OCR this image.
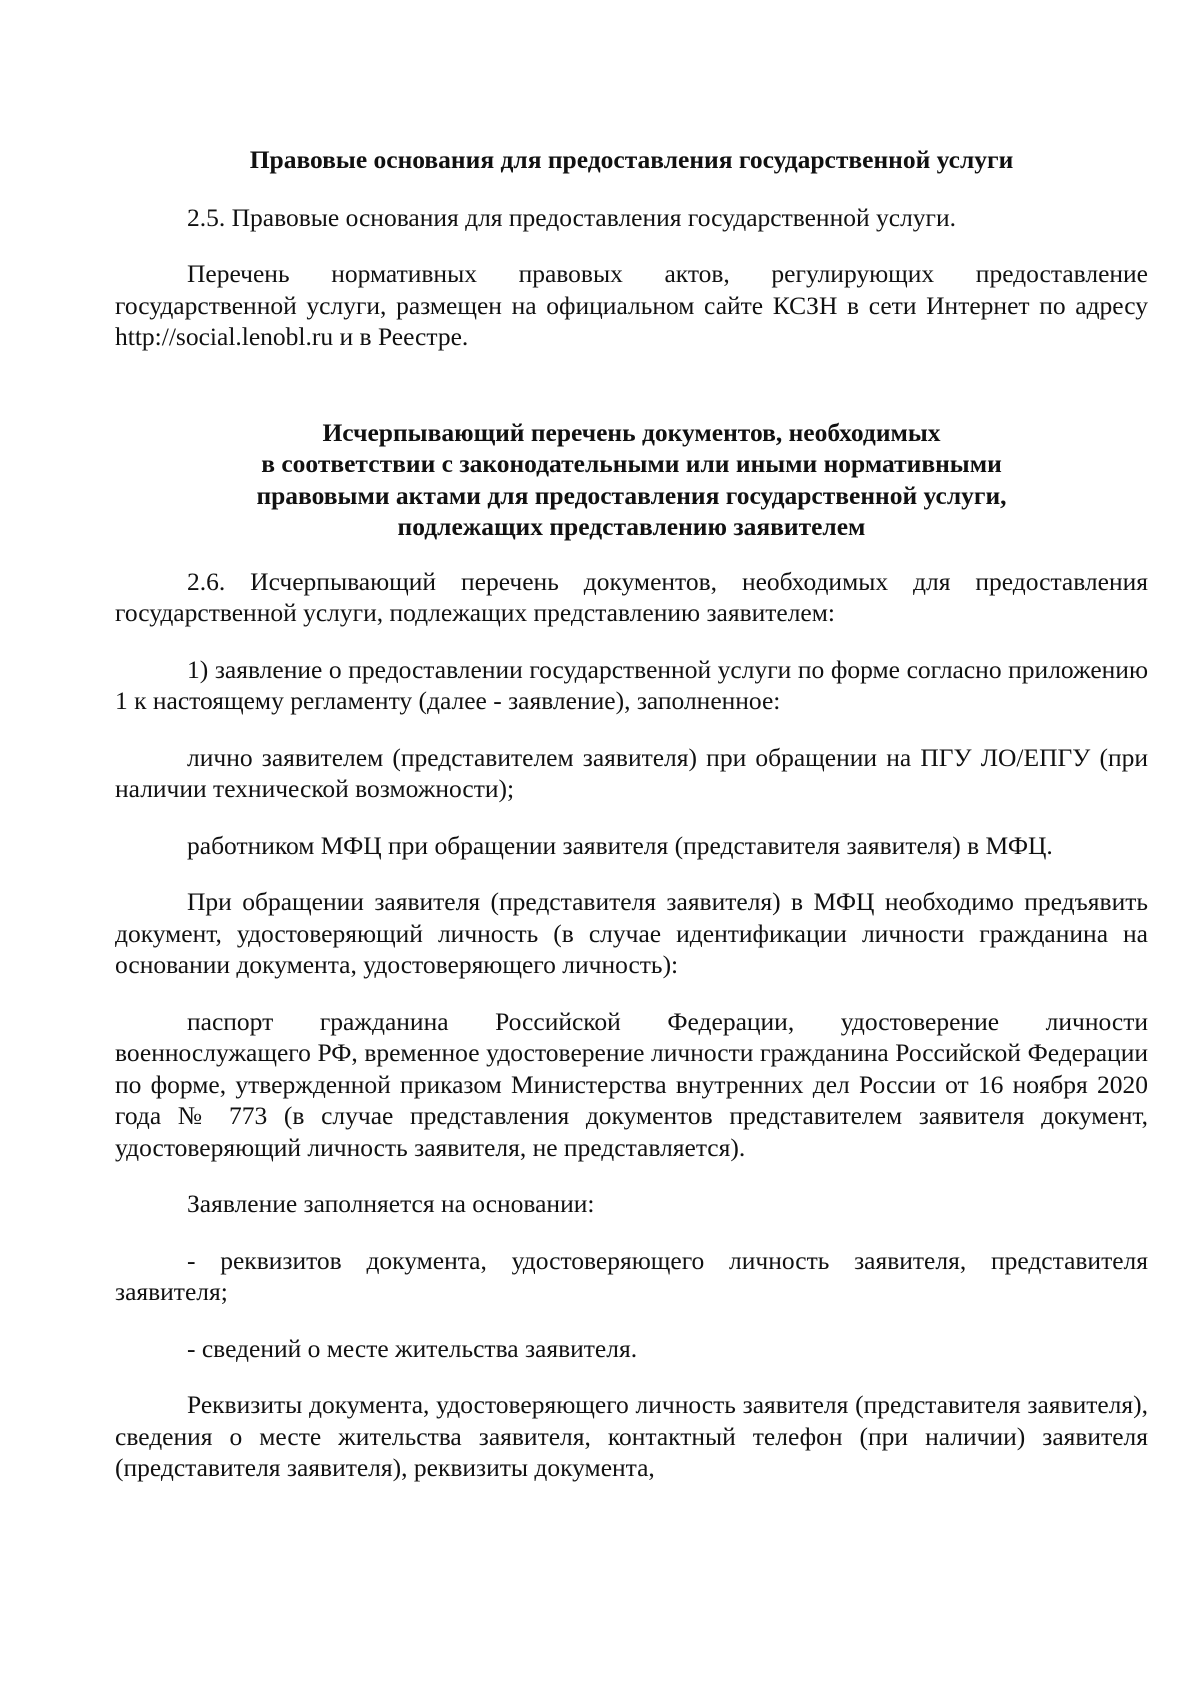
Правовые основания для предоставления государственной услуги

2.5. Правовые основания для предоставления государственной услуги.

Перечень нормативных правовых актов, регулирующих предоставление государственной услуги, размещен на официальном сайте КСЗН в сети Интернет по адресу http://social.lenobl.ru и в Реестре.

Исчерпывающий перечень документов, необходимых
в соответствии с законодательными или иными нормативными
правовыми актами для предоставления государственной услуги,
подлежащих представлению заявителем

2.6. Исчерпывающий перечень документов, необходимых для предоставления государственной услуги, подлежащих представлению заявителем:

1) заявление о предоставлении государственной услуги по форме согласно приложению 1 к настоящему регламенту (далее - заявление), заполненное:

лично заявителем (представителем заявителя) при обращении на ПГУ ЛО/ЕПГУ (при наличии технической возможности);

работником МФЦ при обращении заявителя (представителя заявителя) в МФЦ.

При обращении заявителя (представителя заявителя) в МФЦ необходимо предъявить документ, удостоверяющий личность (в случае идентификации личности гражданина на основании документа, удостоверяющего личность):

паспорт гражданина Российской Федерации, удостоверение личности военнослужащего РФ, временное удостоверение личности гражданина Российской Федерации по форме, утвержденной приказом Министерства внутренних дел России от 16 ноября 2020 года № 773 (в случае представления документов представителем заявителя документ, удостоверяющий личность заявителя, не представляется).

Заявление заполняется на основании:

- реквизитов документа, удостоверяющего личность заявителя, представителя заявителя;

- сведений о месте жительства заявителя.

Реквизиты документа, удостоверяющего личность заявителя (представителя заявителя), сведения о месте жительства заявителя, контактный телефон (при наличии) заявителя (представителя заявителя), реквизиты документа,
